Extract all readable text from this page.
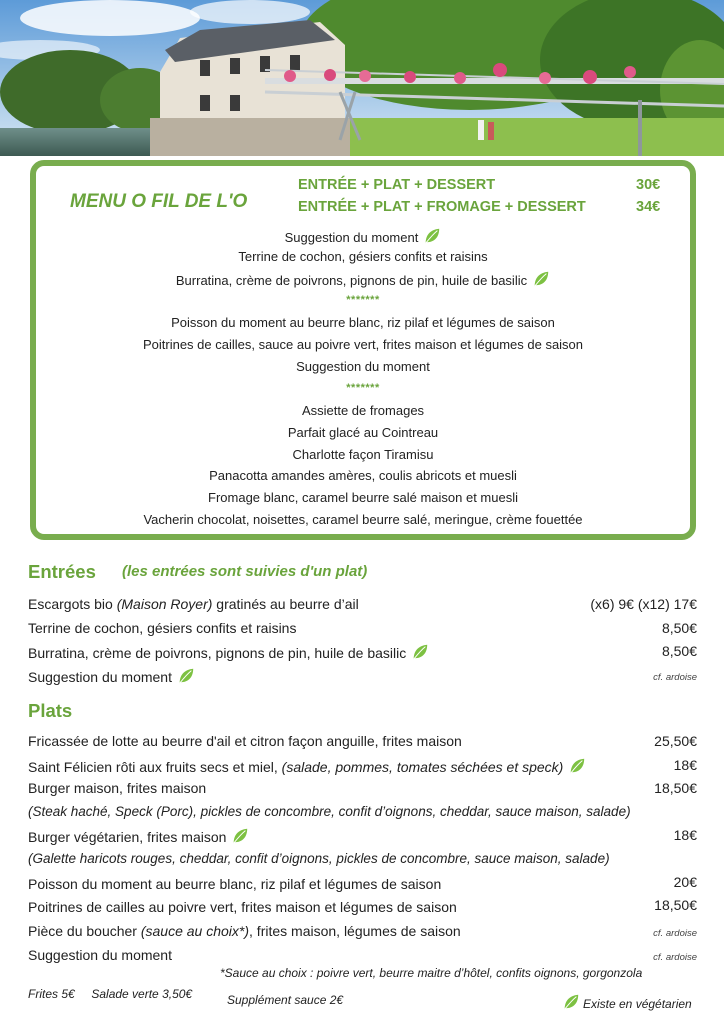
MENU O FIL DE L'O
ENTRÉE + PLAT + DESSERT	30€
ENTRÉE + PLAT + FROMAGE + DESSERT	34€
Suggestion du moment
Terrine de cochon, gésiers confits et raisins
Burratina, crème de poivrons, pignons de pin, huile de basilic
*******
Poisson du moment au beurre blanc, riz pilaf et légumes de saison
Poitrines de cailles, sauce au poivre vert, frites maison et légumes de saison
Suggestion du moment
*******
Assiette de fromages
Parfait glacé au Cointreau
Charlotte façon Tiramisu
Panacotta amandes amères, coulis abricots et muesli
Fromage blanc, caramel beurre salé maison et muesli
Vacherin chocolat, noisettes, caramel beurre salé, meringue, crème fouettée
Entrées (les entrées sont suivies d'un plat)
Escargots bio (Maison Royer) gratinés au beurre d’ail	(x6) 9€ (x12) 17€
Terrine de cochon, gésiers confits et raisins	8,50€
Burratina, crème de poivrons, pignons de pin, huile de basilic	8,50€
Suggestion du moment	cf. ardoise
Plats
Fricassée de lotte au beurre d'ail et citron façon anguille, frites maison	25,50€
Saint Félicien rôti aux fruits secs et miel, (salade, pommes, tomates séchées et speck)	18€
Burger maison, frites maison	18,50€
(Steak haché, Speck (Porc), pickles de concombre, confit d’oignons, cheddar, sauce maison, salade)
Burger végétarien, frites maison	18€
(Galette haricots rouges, cheddar, confit d’oignons, pickles de concombre, sauce maison, salade)
Poisson du moment au beurre blanc, riz pilaf et légumes de saison	20€
Poitrines de cailles au poivre vert, frites maison et légumes de saison	18,50€
Pièce du boucher (sauce au choix*), frites maison, légumes de saison	cf. ardoise
Suggestion du moment	cf. ardoise
*Sauce au choix : poivre vert, beurre maitre d’hôtel, confits oignons, gorgonzola
Frites 5€     Salade verte 3,50€	Supplément sauce 2€	Existe en végétarien
